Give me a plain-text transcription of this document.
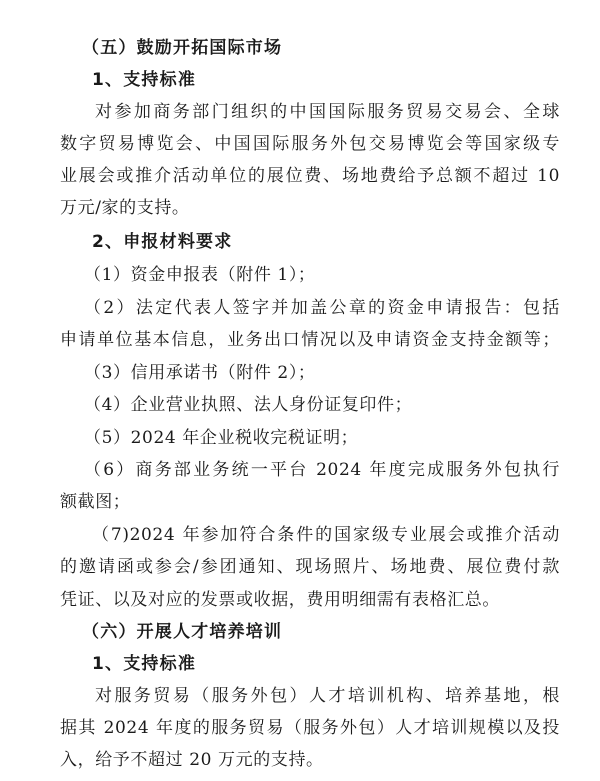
（五）鼓励开拓国际市场
1、支持标准
对参加商务部门组织的中国国际服务贸易交易会、全球
数字贸易博览会、中国国际服务外包交易博览会等国家级专
业展会或推介活动单位的展位费、场地费给予总额不超过 10
万元/家的支持。
2、申报材料要求
（1）资金申报表（附件 1）；
（2）法定代表人签字并加盖公章的资金申请报告：包括
申请单位基本信息，业务出口情况以及申请资金支持金额等；
（3）信用承诺书（附件 2）；
（4）企业营业执照、法人身份证复印件；
（5）2024 年企业税收完税证明；
（6）商务部业务统一平台 2024 年度完成服务外包执行
额截图；
（7)2024 年参加符合条件的国家级专业展会或推介活动
的邀请函或参会/参团通知、现场照片、场地费、展位费付款
凭证、以及对应的发票或收据，费用明细需有表格汇总。
（六）开展人才培养培训
1、支持标准
对服务贸易（服务外包）人才培训机构、培养基地，根
据其 2024 年度的服务贸易（服务外包）人才培训规模以及投
入，给予不超过 20 万元的支持。
